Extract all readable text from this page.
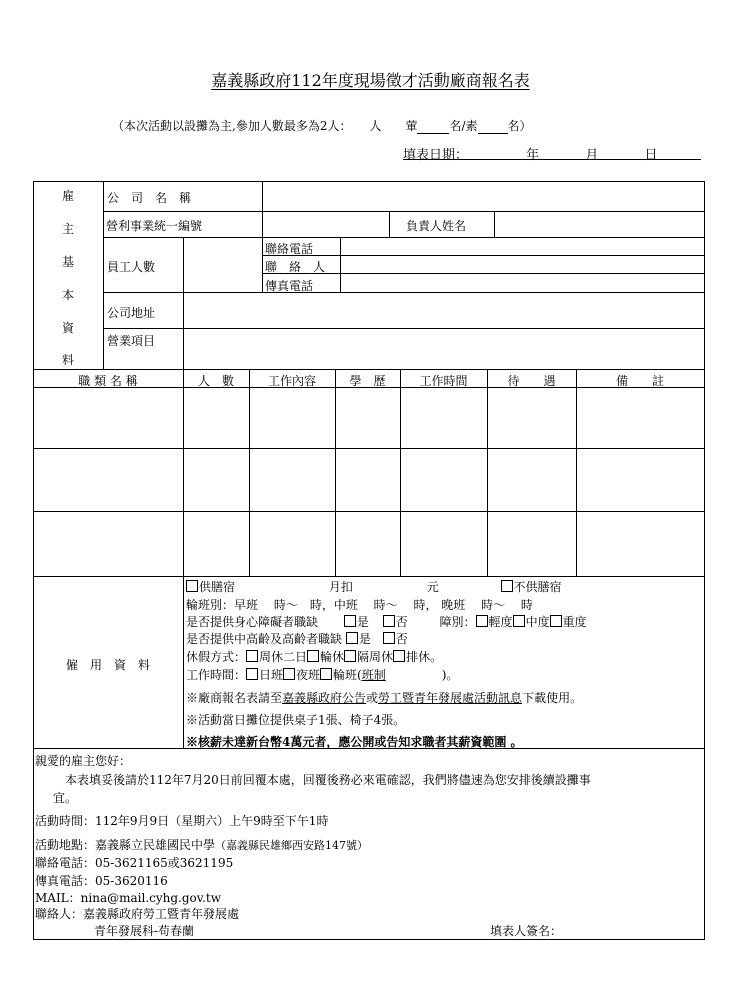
嘉義縣政府112年度現場徵才活動廠商報名表
（本次活動以設攤為主,參加人數最多為2人：　　人　　葷	名/素	名）
填表日期：	年	月	日
雇
主
基
本
資
料
公　司　名　稱
營利事業統一編號	負責人姓名
員工人數
聯絡電話
聯　絡　人
傳真電話
公司地址
營業項目
職 類 名 稱	人　數	工作內容	學　歷	工作時間	待　　遇	備　　註
僱　用　資　料
供膳宿	月扣	元	不供膳宿
輪班別：早班　 時～　時，中班　 時～　 時， 晚班　 時～　 時
是否提供身心障礙者職缺	是 否	障別： 輕度 中度 重度
是否提供中高齡及高齡者職缺 是 否
休假方式： 周休二日 輪休 隔周休 排休。
工作時間： 日班 夜班 輪班(班制	)。
※廠商報名表請至嘉義縣政府公告或勞工暨青年發展處活動訊息下載使用。
※活動當日攤位提供桌子1張、椅子4張。
※核薪未達新台幣4萬元者，應公開或告知求職者其薪資範圍 。
親愛的雇主您好：
本表填妥後請於112年7月20日前回覆本處，回覆後務必來電確認，我們將儘速為您安排後續設攤事
宜。
活動時間：112年9月9日（星期六）上午9時至下午1時
活動地點：嘉義縣立民雄國民中學（嘉義縣民雄鄉西安路147號）
聯絡電話：05-3621165或3621195
傳真電話：05-3620116
MAIL：nina@mail.cyhg.gov.tw
聯絡人：嘉義縣政府勞工暨青年發展處
青年發展科-苟春蘭	填表人簽名：
